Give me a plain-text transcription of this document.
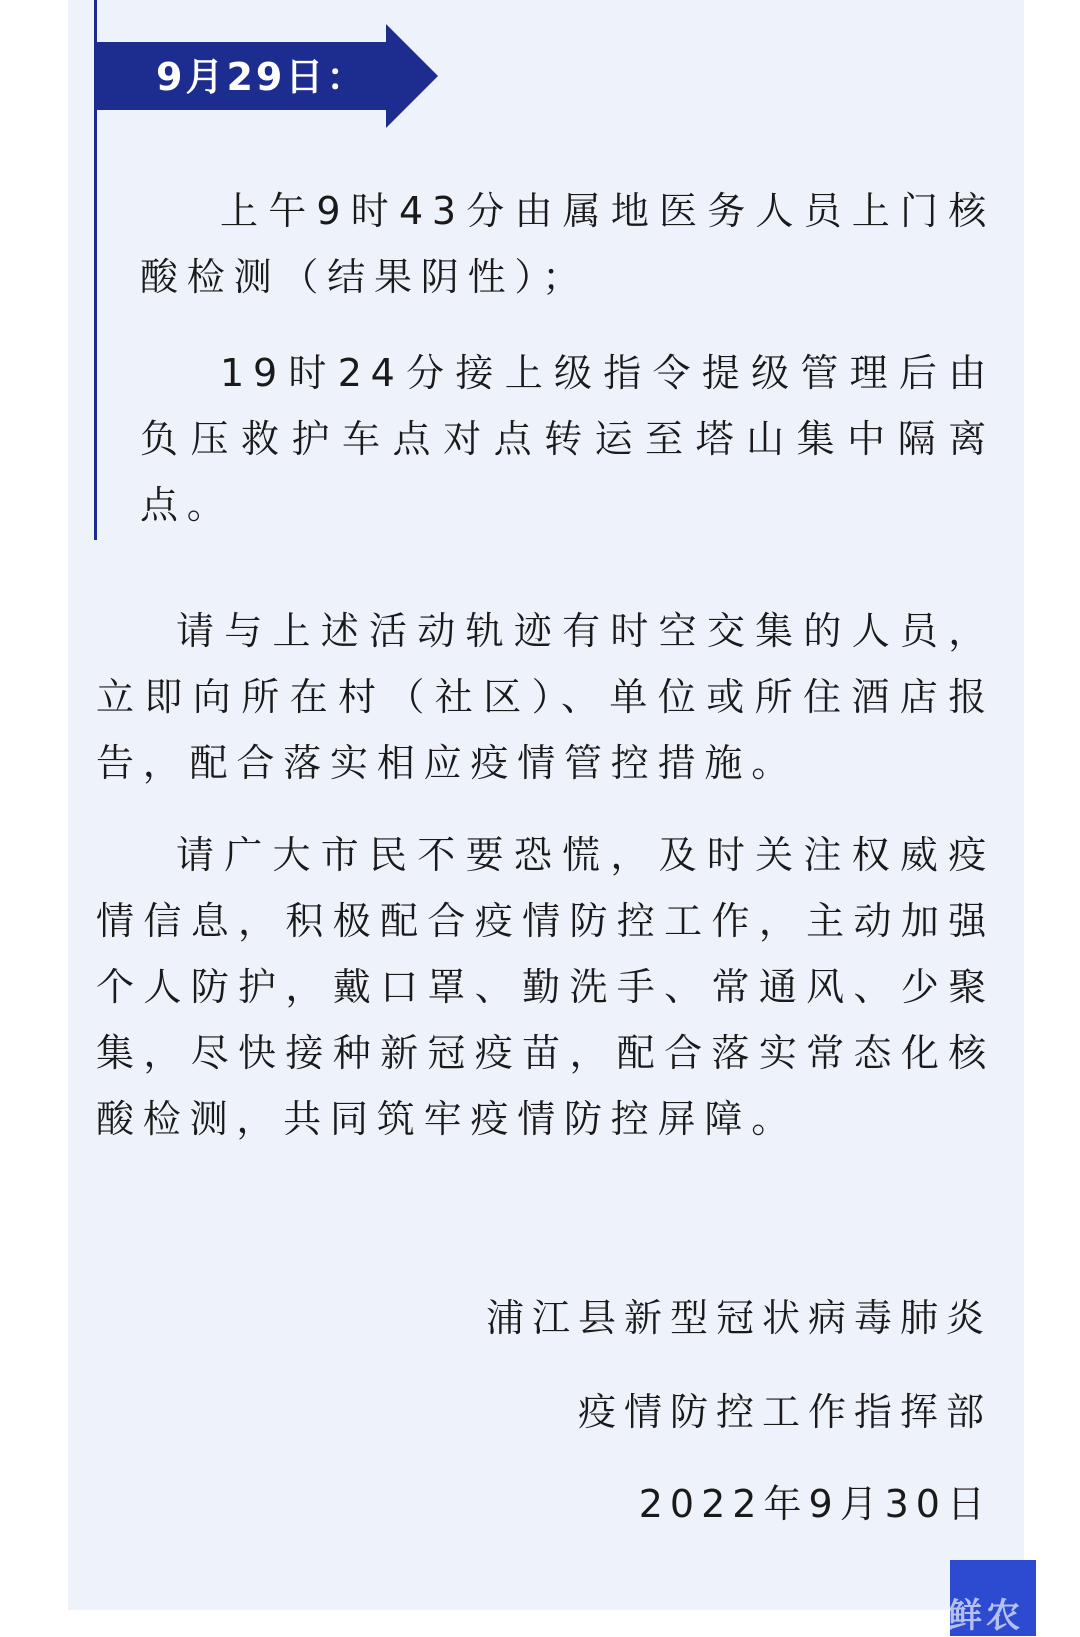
9月29日：

上午9时43分由属地医务人员上门核酸检测（结果阴性）；

19时24分接上级指令提级管理后由负压救护车点对点转运至塔山集中隔离点。

请与上述活动轨迹有时空交集的人员，立即向所在村（社区）、单位或所住酒店报告，配合落实相应疫情管控措施。

请广大市民不要恐慌，及时关注权威疫情信息，积极配合疫情防控工作，主动加强个人防护，戴口罩、勤洗手、常通风、少聚集，尽快接种新冠疫苗，配合落实常态化核酸检测，共同筑牢疫情防控屏障。

浦江县新型冠状病毒肺炎
疫情防控工作指挥部
2022年9月30日
鲜农
